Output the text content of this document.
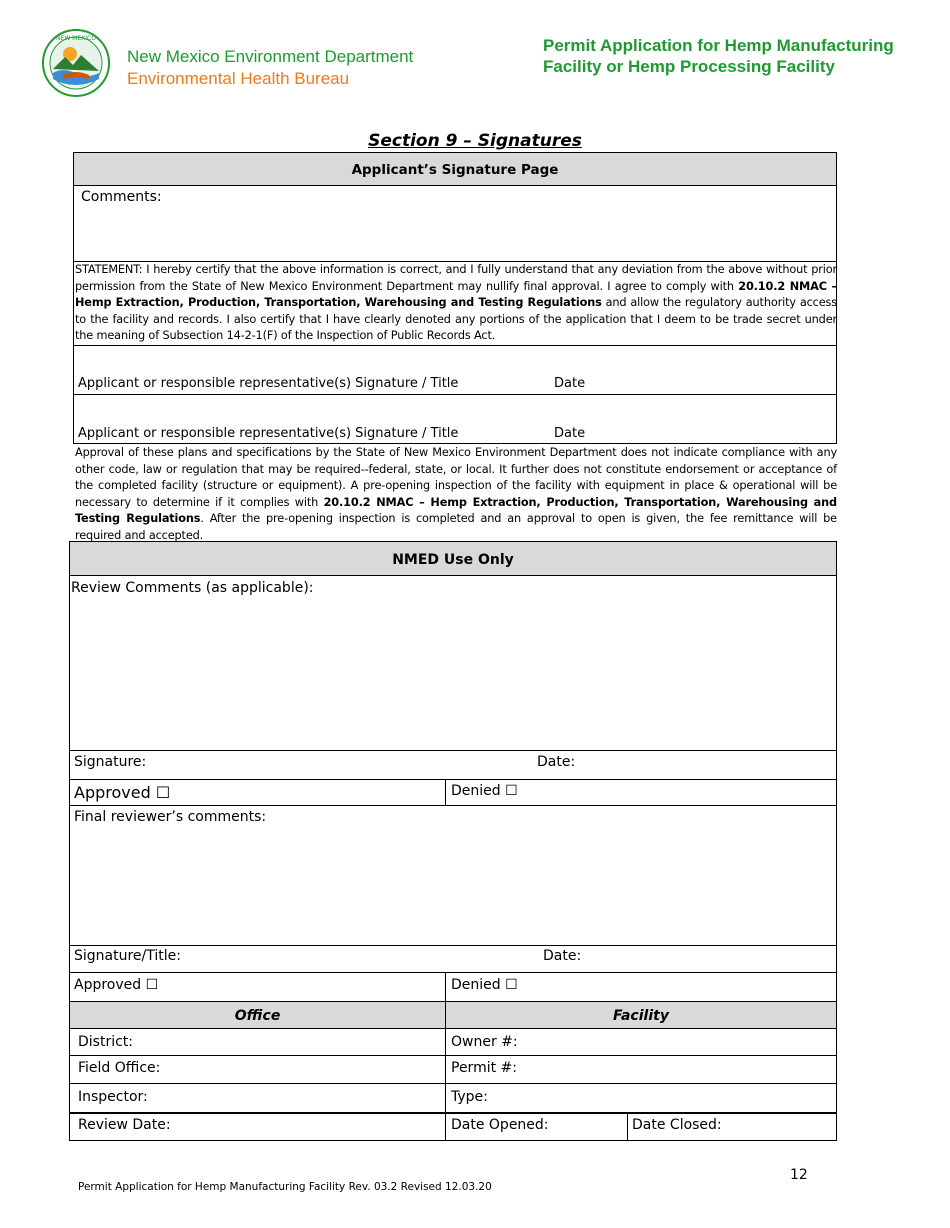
NEW MEXICO
New Mexico Environment Department
Environmental Health Bureau
Permit Application for Hemp Manufacturing
Facility or Hemp Processing Facility
Section 9 – Signatures
Applicant’s Signature Page
Comments:
STATEMENT: I hereby certify that the above information is correct, and I fully understand that any deviation from the above without prior permission from the State of New Mexico Environment Department may nullify final approval. I agree to comply with 20.10.2 NMAC – Hemp Extraction, Production, Transportation, Warehousing and Testing Regulations and allow the regulatory authority access to the facility and records. I also certify that I have clearly denoted any portions of the application that I deem to be trade secret under the meaning of Subsection 14-2-1(F) of the Inspection of Public Records Act.
Applicant or responsible representative(s) Signature / Title	Date
Applicant or responsible representative(s) Signature / Title	Date
Approval of these plans and specifications by the State of New Mexico Environment Department does not indicate compliance with any other code, law or regulation that may be required--federal, state, or local. It further does not constitute endorsement or acceptance of the completed facility (structure or equipment). A pre-opening inspection of the facility with equipment in place & operational will be necessary to determine if it complies with 20.10.2 NMAC – Hemp Extraction, Production, Transportation, Warehousing and Testing Regulations. After the pre-opening inspection is completed and an approval to open is given, the fee remittance will be required and accepted.
NMED Use Only
Review Comments (as applicable):
Signature:	Date:
Approved ☐	Denied ☐
Final reviewer’s comments:
Signature/Title:	Date:
Approved ☐	Denied ☐
Office	Facility
District:	Owner #:
Field Office:	Permit #:
Inspector:	Type:
Review Date:	Date Opened:	Date Closed:
12
Permit Application for Hemp Manufacturing Facility Rev. 03.2 Revised 12.03.20
